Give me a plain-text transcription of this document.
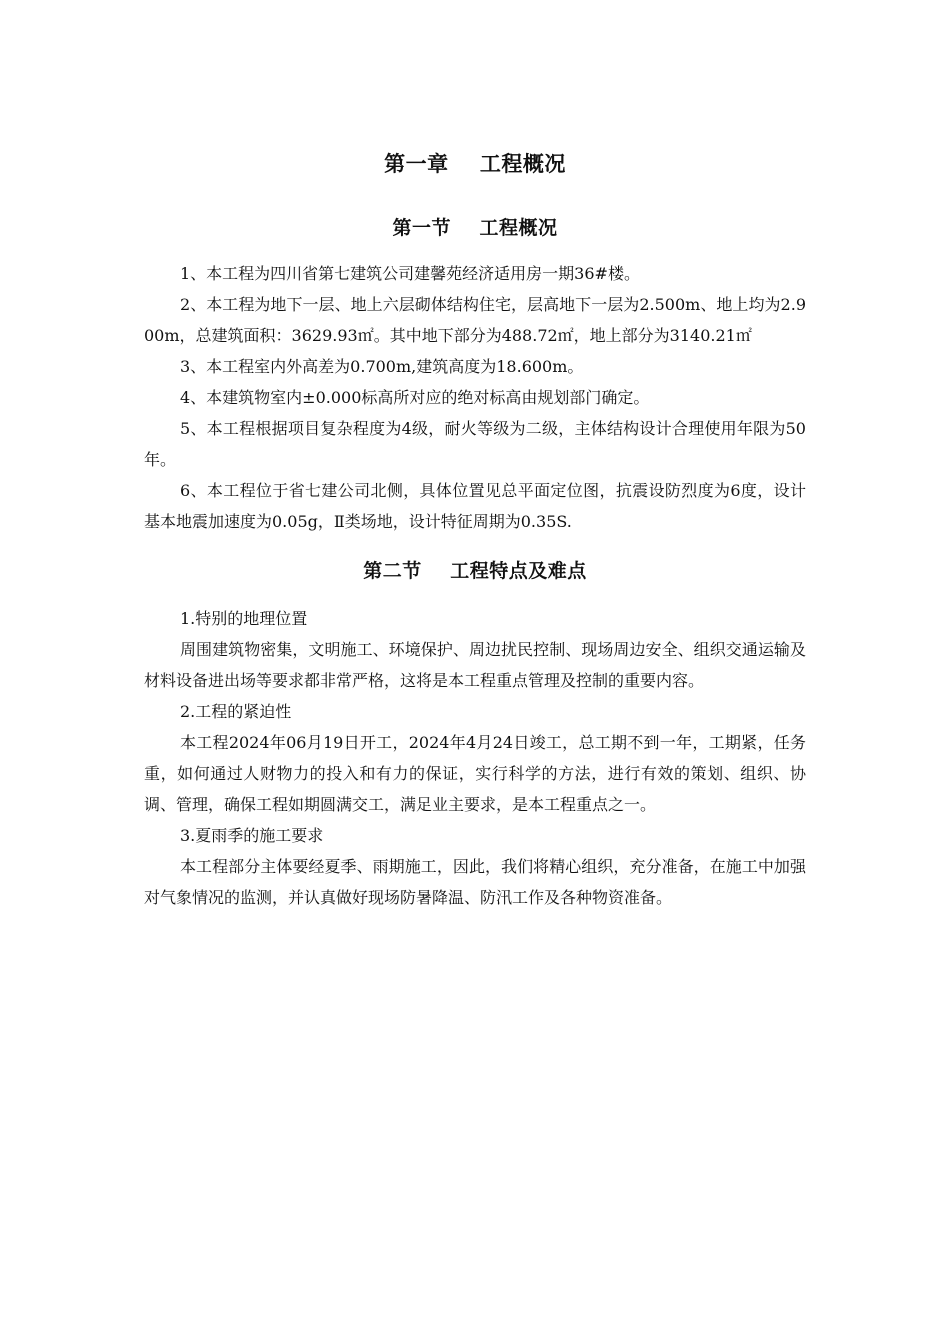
第一章    工程概况
第一节    工程概况

1、本工程为四川省第七建筑公司建馨苑经济适用房一期36#楼。

2、本工程为地下一层、地上六层砌体结构住宅，层高地下一层为2.500m、地上均为2.900m，总建筑面积：3629.93㎡。其中地下部分为488.72㎡，地上部分为3140.21㎡

3、本工程室内外高差为0.700m,建筑高度为18.600m。

4、本建筑物室内±0.000标高所对应的绝对标高由规划部门确定。

5、本工程根据项目复杂程度为4级，耐火等级为二级，主体结构设计合理使用年限为50年。

6、本工程位于省七建公司北侧，具体位置见总平面定位图，抗震设防烈度为6度，设计基本地震加速度为0.05g，Ⅱ类场地，设计特征周期为0.35S.

第二节    工程特点及难点

1.特别的地理位置

周围建筑物密集，文明施工、环境保护、周边扰民控制、现场周边安全、组织交通运输及材料设备进出场等要求都非常严格，这将是本工程重点管理及控制的重要内容。

2.工程的紧迫性

本工程2024年06月19日开工，2024年4月24日竣工，总工期不到一年，工期紧，任务重，如何通过人财物力的投入和有力的保证，实行科学的方法，进行有效的策划、组织、协调、管理，确保工程如期圆满交工，满足业主要求，是本工程重点之一。

3.夏雨季的施工要求

本工程部分主体要经夏季、雨期施工，因此，我们将精心组织，充分准备，在施工中加强对气象情况的监测，并认真做好现场防暑降温、防汛工作及各种物资准备。
